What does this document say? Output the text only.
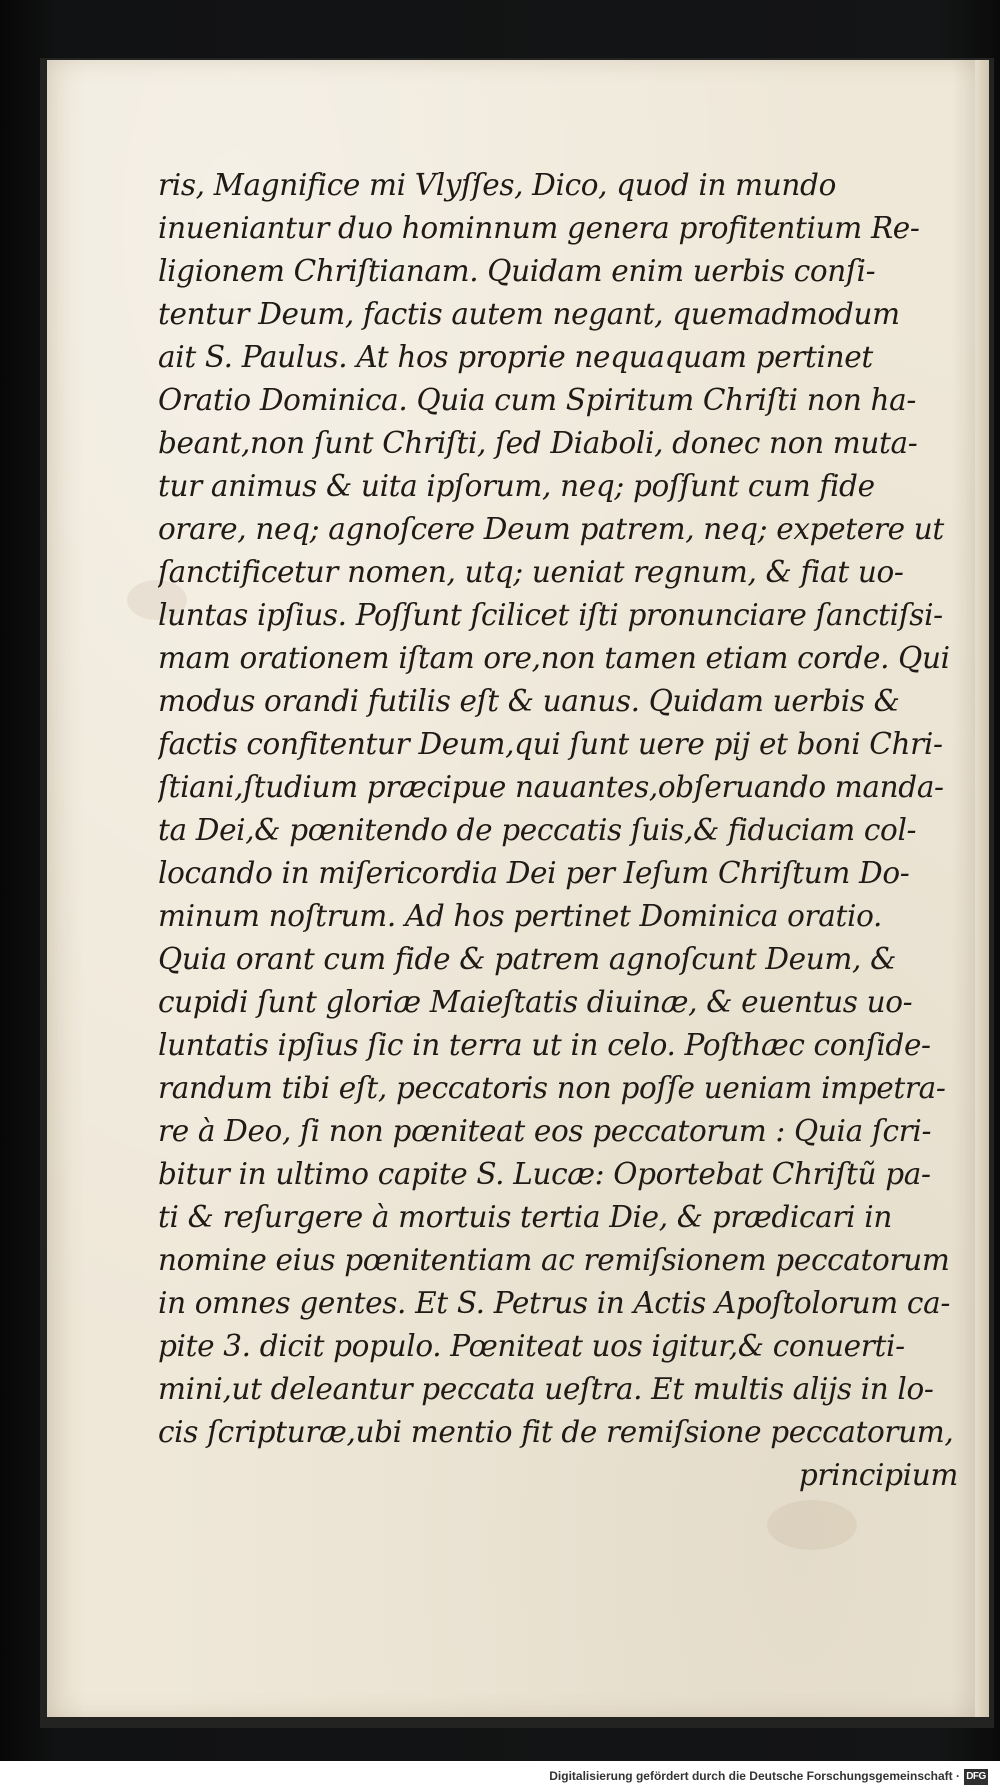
ris, Magnifice mi Vlyſſes, Dico, quod in mundo
inueniantur duo hominnum genera profitentium Re‐
ligionem Chriſtianam. Quidam enim uerbis conſi‐
tentur Deum, factis autem negant, quemadmodum
ait S. Paulus. At hos proprie nequaquam pertinet
Oratio Dominica. Quia cum Spiritum Chriſti non ha‐
beant,non ſunt Chriſti, ſed Diaboli, donec non muta‐
tur animus & uita ipſorum, neq; poſſunt cum fide
orare, neq; agnoſcere Deum patrem, neq; expetere ut
ſanctificetur nomen, utq; ueniat regnum, & fiat uo‐
luntas ipſius. Poſſunt ſcilicet iſti pronunciare ſanctiſsi‐
mam orationem iſtam ore,non tamen etiam corde. Qui
modus orandi futilis eſt & uanus. Quidam uerbis &
factis confitentur Deum,qui ſunt uere pij et boni Chri‐
ſtiani,ſtudium præcipue nauantes,obſeruando manda‐
ta Dei,& pœnitendo de peccatis ſuis,& fiduciam col‐
locando in miſericordia Dei per Ieſum Chriſtum Do‐
minum noſtrum. Ad hos pertinet Dominica oratio.
Quia orant cum fide & patrem agnoſcunt Deum, &
cupidi ſunt gloriæ Maieſtatis diuinæ, & euentus uo‐
luntatis ipſius ſic in terra ut in celo. Poſthæc conſide‐
randum tibi eſt, peccatoris non poſſe ueniam impetra‐
re à Deo, ſi non pœniteat eos peccatorum : Quia ſcri‐
bitur in ultimo capite S. Lucæ: Oportebat Chriſtũ pa‐
ti & reſurgere à mortuis tertia Die, & prædicari in
nomine eius pœnitentiam ac remiſsionem peccatorum
in omnes gentes. Et S. Petrus in Actis Apoſtolorum ca‐
pite 3. dicit populo. Pœniteat uos igitur,& conuerti‐
mini,ut deleantur peccata ueſtra. Et multis alijs in lo‐
cis ſcripturæ,ubi mentio fit de remiſsione peccatorum,
principium
Digitalisierung gefördert durch die Deutsche Forschungsgemeinschaft · DFG
